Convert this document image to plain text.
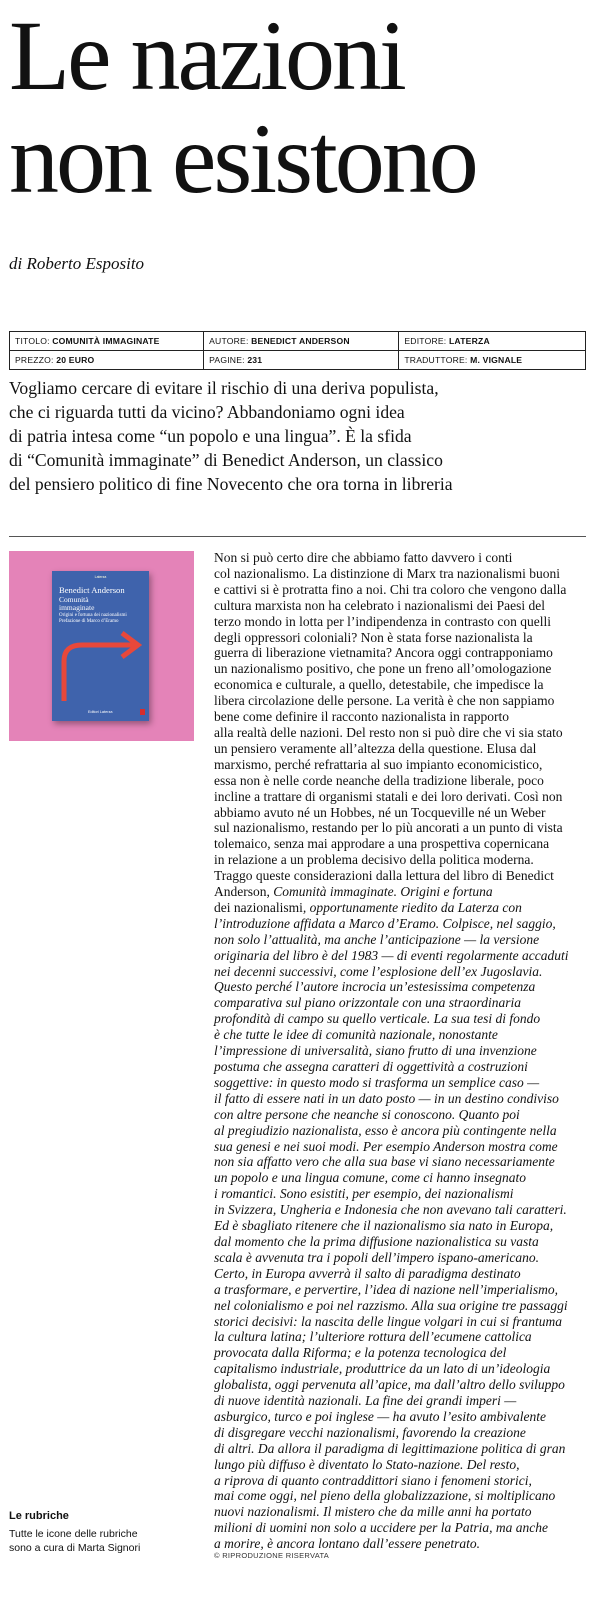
Le nazioni
non esistono

di Roberto Esposito

TITOLO: COMUNITÀ IMMAGINATE	AUTORE: BENEDICT ANDERSON	EDITORE: LATERZA
PREZZO: 20 EURO	PAGINE: 231	TRADUTTORE: M. VIGNALE
Vogliamo cercare di evitare il rischio di una deriva populista,
che ci riguarda tutti da vicino? Abbandoniamo ogni idea
di patria intesa come “un popolo e una lingua”. È la sfida
di “Comunità immaginate” di Benedict Anderson, un classico
del pensiero politico di fine Novecento che ora torna in libreria
Laterza
Benedict Anderson
Comunità
immaginate
Origini e fortuna dei nazionalismi
Prefazione di Marco d’Eramo
Editori Laterza
Non si può certo dire che abbiamo fatto davvero i conti
col nazionalismo. La distinzione di Marx tra nazionalismi buoni
e cattivi si è protratta fino a noi. Chi tra coloro che vengono dalla
cultura marxista non ha celebrato i nazionalismi dei Paesi del
terzo mondo in lotta per l’indipendenza in contrasto con quelli
degli oppressori coloniali? Non è stata forse nazionalista la
guerra di liberazione vietnamita? Ancora oggi contrapponiamo
un nazionalismo positivo, che pone un freno all’omologazione
economica e culturale, a quello, detestabile, che impedisce la
libera circolazione delle persone. La verità è che non sappiamo
bene come definire il racconto nazionalista in rapporto
alla realtà delle nazioni. Del resto non si può dire che vi sia stato
un pensiero veramente all’altezza della questione. Elusa dal
marxismo, perché refrattaria al suo impianto economicistico,
essa non è nelle corde neanche della tradizione liberale, poco
incline a trattare di organismi statali e dei loro derivati. Così non
abbiamo avuto né un Hobbes, né un Tocqueville né un Weber
sul nazionalismo, restando per lo più ancorati a un punto di vista
tolemaico, senza mai approdare a una prospettiva copernicana
in relazione a un problema decisivo della politica moderna.
Traggo queste considerazioni dalla lettura del libro di Benedict
Anderson, Comunità immaginate. Origini e fortuna
dei nazionalismi, opportunamente riedito da Laterza con
l’introduzione affidata a Marco d’Eramo. Colpisce, nel saggio,
non solo l’attualità, ma anche l’anticipazione — la versione
originaria del libro è del 1983 — di eventi regolarmente accaduti
nei decenni successivi, come l’esplosione dell’ex Jugoslavia.
Questo perché l’autore incrocia un’estesissima competenza
comparativa sul piano orizzontale con una straordinaria
profondità di campo su quello verticale. La sua tesi di fondo
è che tutte le idee di comunità nazionale, nonostante
l’impressione di universalità, siano frutto di una invenzione
postuma che assegna caratteri di oggettività a costruzioni
soggettive: in questo modo si trasforma un semplice caso —
il fatto di essere nati in un dato posto — in un destino condiviso
con altre persone che neanche si conoscono. Quanto poi
al pregiudizio nazionalista, esso è ancora più contingente nella
sua genesi e nei suoi modi. Per esempio Anderson mostra come
non sia affatto vero che alla sua base vi siano necessariamente
un popolo e una lingua comune, come ci hanno insegnato
i romantici. Sono esistiti, per esempio, dei nazionalismi
in Svizzera, Ungheria e Indonesia che non avevano tali caratteri.
Ed è sbagliato ritenere che il nazionalismo sia nato in Europa,
dal momento che la prima diffusione nazionalistica su vasta
scala è avvenuta tra i popoli dell’impero ispano-americano.
Certo, in Europa avverrà il salto di paradigma destinato
a trasformare, e pervertire, l’idea di nazione nell’imperialismo,
nel colonialismo e poi nel razzismo. Alla sua origine tre passaggi
storici decisivi: la nascita delle lingue volgari in cui si frantuma
la cultura latina; l’ulteriore rottura dell’ecumene cattolica
provocata dalla Riforma; e la potenza tecnologica del
capitalismo industriale, produttrice da un lato di un’ideologia
globalista, oggi pervenuta all’apice, ma dall’altro dello sviluppo
di nuove identità nazionali. La fine dei grandi imperi —
asburgico, turco e poi inglese — ha avuto l’esito ambivalente
di disgregare vecchi nazionalismi, favorendo la creazione
di altri. Da allora il paradigma di legittimazione politica di gran
lungo più diffuso è diventato lo Stato-nazione. Del resto,
a riprova di quanto contraddittori siano i fenomeni storici,
mai come oggi, nel pieno della globalizzazione, si moltiplicano
nuovi nazionalismi. Il mistero che da mille anni ha portato
milioni di uomini non solo a uccidere per la Patria, ma anche
a morire, è ancora lontano dall’essere penetrato.
© RIPRODUZIONE RISERVATA

Le rubriche

Tutte le icone delle rubriche
sono a cura di Marta Signori
